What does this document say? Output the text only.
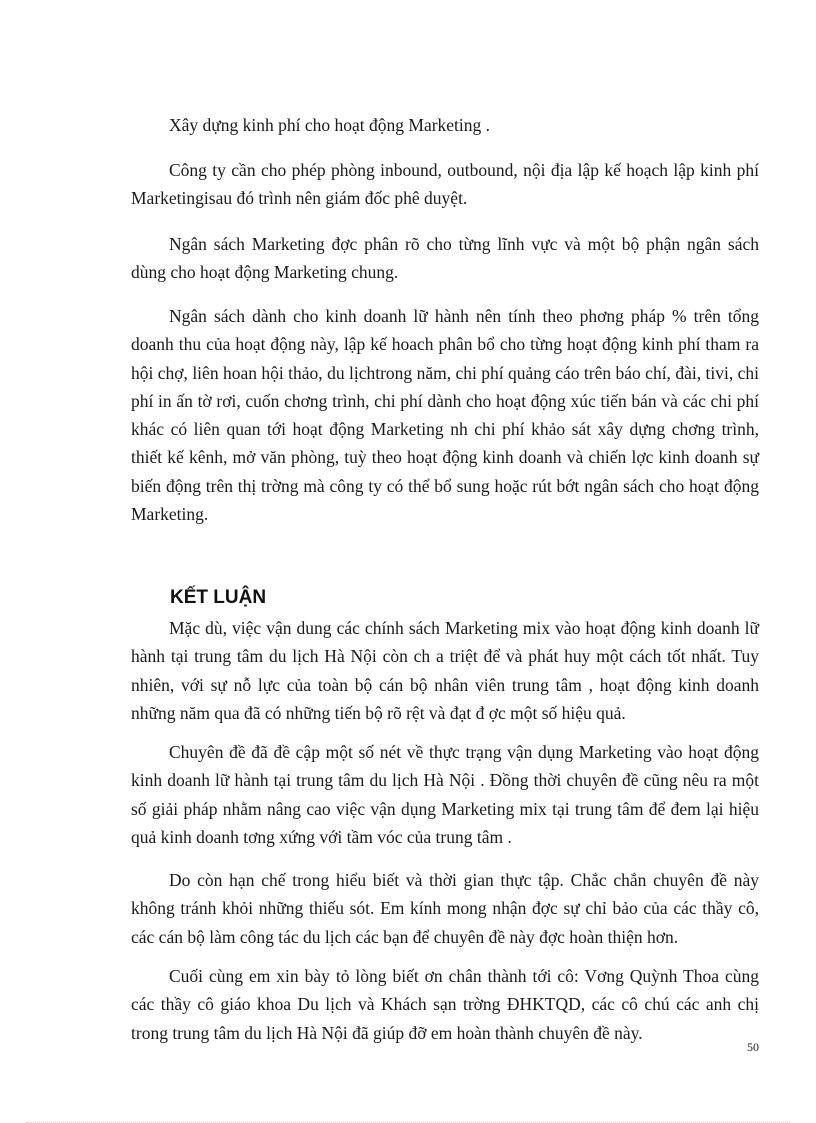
Xây dựng kinh phí cho hoạt động Marketing .

Công ty cần cho phép phòng inbound, outbound, nội địa lập kế hoạch lập kinh phí Marketingisau đó trình nên giám đốc phê duyệt.

Ngân sách Marketing đợc phân rõ cho từng lĩnh vực và một bộ phận ngân sách dùng cho hoạt động Marketing chung.

Ngân sách dành cho kinh doanh lữ hành nên tính theo phơng pháp % trên tổng doanh thu của hoạt động này, lập kế hoach phân bổ cho từng hoạt động kinh phí tham ra hội chợ, liên hoan hội thảo, du lịchtrong năm, chi phí quảng cáo trên báo chí, đài, tivi, chi phí in ấn tờ rơi, cuốn chơng trình, chi phí dành cho hoạt động xúc tiến bán và các chi phí khác có liên quan tới hoạt động Marketing nh chi phí khảo sát xây dựng chơng trình, thiết kế kênh, mở văn phòng, tuỳ theo hoạt động kinh doanh và chiến lợc kinh doanh sự biến động trên thị trờng mà công ty có thể bổ sung hoặc rút bớt ngân sách cho hoạt động Marketing.

KẾT LUẬN

Mặc dù, việc vận dung các chính sách Marketing mix vào hoạt động kinh doanh lữ hành tại trung tâm du lịch Hà Nội còn ch a triệt để và phát huy một cách tốt nhất. Tuy nhiên, với sự nỗ lực của toàn bộ cán bộ nhân viên trung tâm , hoạt động kinh doanh những năm qua đã có những tiến bộ rõ rệt và đạt đ ợc một số hiệu quả.

Chuyên đề đã đề cập một số nét về thực trạng vận dụng Marketing vào hoạt động kinh doanh lữ hành tại trung tâm du lịch Hà Nội . Đồng thời chuyên đề cũng nêu ra một số giải pháp nhằm nâng cao việc vận dụng Marketing mix tại trung tâm để đem lại hiệu quả kinh doanh tơng xứng với tầm vóc của trung tâm .

Do còn hạn chế trong hiểu biết và thời gian thực tập. Chắc chắn chuyên đề này không tránh khỏi những thiếu sót. Em kính mong nhận đợc sự chỉ bảo của các thầy cô, các cán bộ làm công tác du lịch các bạn để chuyên đề này đợc hoàn thiện hơn.

Cuối cùng em xin bày tỏ lòng biết ơn chân thành tới cô: Vơng Quỳnh Thoa cùng các thầy cô giáo khoa Du lịch và Khách sạn trờng ĐHKTQD, các cô chú các anh chị trong trung tâm du lịch Hà Nội đã giúp đỡ em hoàn thành chuyên đề này.

50
